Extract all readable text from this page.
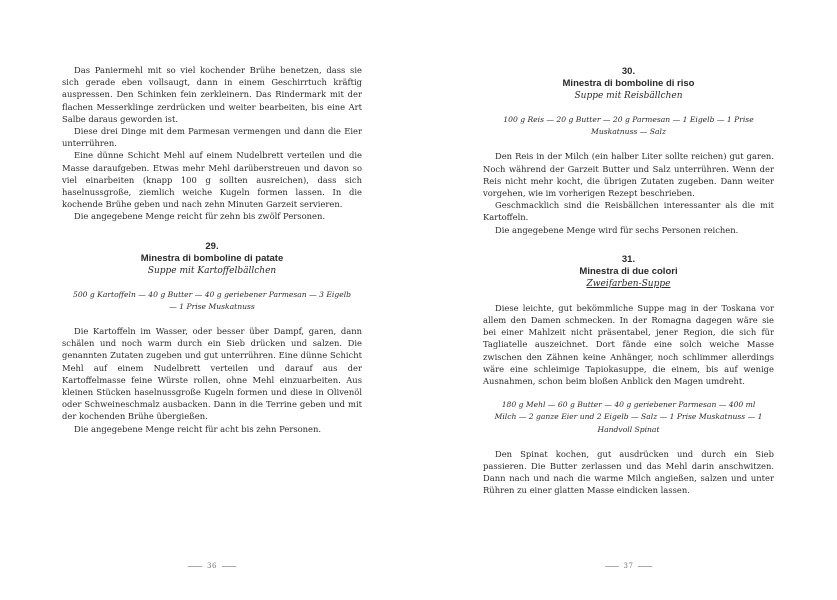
Das Paniermehl mit so viel kochender Brühe benetzen, dass sie sich gerade eben vollsaugt, dann in einem Geschirrtuch kräftig auspressen. Den Schinken fein zerkleinern. Das Rindermark mit der flachen Messerklinge zerdrücken und weiter bearbeiten, bis eine Art Salbe daraus geworden ist.

Diese drei Dinge mit dem Parmesan vermengen und dann die Eier unterrühren.

Eine dünne Schicht Mehl auf einem Nudelbrett verteilen und die Masse daraufgeben. Etwas mehr Mehl darüberstreuen und davon so viel einarbeiten (knapp 100 g sollten ausreichen), dass sich haselnussgroße, ziemlich weiche Kugeln formen lassen. In die kochende Brühe geben und nach zehn Minuten Garzeit servieren.

Die angegebene Menge reicht für zehn bis zwölf Personen.

29.
Minestra di bomboline di patate
Suppe mit Kartoffelbällchen

500 g Kartoffeln — 40 g Butter — 40 g geriebener Parmesan — 3 Eigelb — 1 Prise Muskatnuss

Die Kartoffeln im Wasser, oder besser über Dampf, garen, dann schälen und noch warm durch ein Sieb drücken und salzen. Die genannten Zutaten zugeben und gut unterrühren. Eine dünne Schicht Mehl auf einem Nudelbrett verteilen und darauf aus der Kartoffelmasse feine Würste rollen, ohne Mehl einzuarbeiten. Aus kleinen Stücken haselnussgroße Kugeln formen und diese in Olivenöl oder Schweineschmalz ausbacken. Dann in die Terrine geben und mit der kochenden Brühe übergießen.

Die angegebene Menge reicht für acht bis zehn Personen.

36
30.
Minestra di bomboline di riso
Suppe mit Reisbällchen

100 g Reis — 20 g Butter — 20 g Parmesan — 1 Eigelb — 1 Prise Muskatnuss — Salz

Den Reis in der Milch (ein halber Liter sollte reichen) gut garen. Noch während der Garzeit Butter und Salz unterrühren. Wenn der Reis nicht mehr kocht, die übrigen Zutaten zugeben. Dann weiter vorgehen, wie im vorherigen Rezept beschrieben.

Geschmacklich sind die Reisbällchen interessanter als die mit Kartoffeln.

Die angegebene Menge wird für sechs Personen reichen.

31.
Minestra di due colori
Zweifarben-Suppe

Diese leichte, gut bekömmliche Suppe mag in der Toskana vor allem den Damen schmecken. In der Romagna dagegen wäre sie bei einer Mahlzeit nicht präsentabel, jener Region, die sich für Tagliatelle auszeichnet. Dort fände eine solch weiche Masse zwischen den Zähnen keine Anhänger, noch schlimmer allerdings wäre eine schleimige Tapiokasuppe, die einem, bis auf wenige Ausnahmen, schon beim bloßen Anblick den Magen umdreht.

180 g Mehl — 60 g Butter — 40 g geriebener Parmesan — 400 ml Milch — 2 ganze Eier und 2 Eigelb — Salz — 1 Prise Muskatnuss — 1 Handvoll Spinat

Den Spinat kochen, gut ausdrücken und durch ein Sieb passieren. Die Butter zerlassen und das Mehl darin anschwitzen. Dann nach und nach die warme Milch angießen, salzen und unter Rühren zu einer glatten Masse eindicken lassen.

37
